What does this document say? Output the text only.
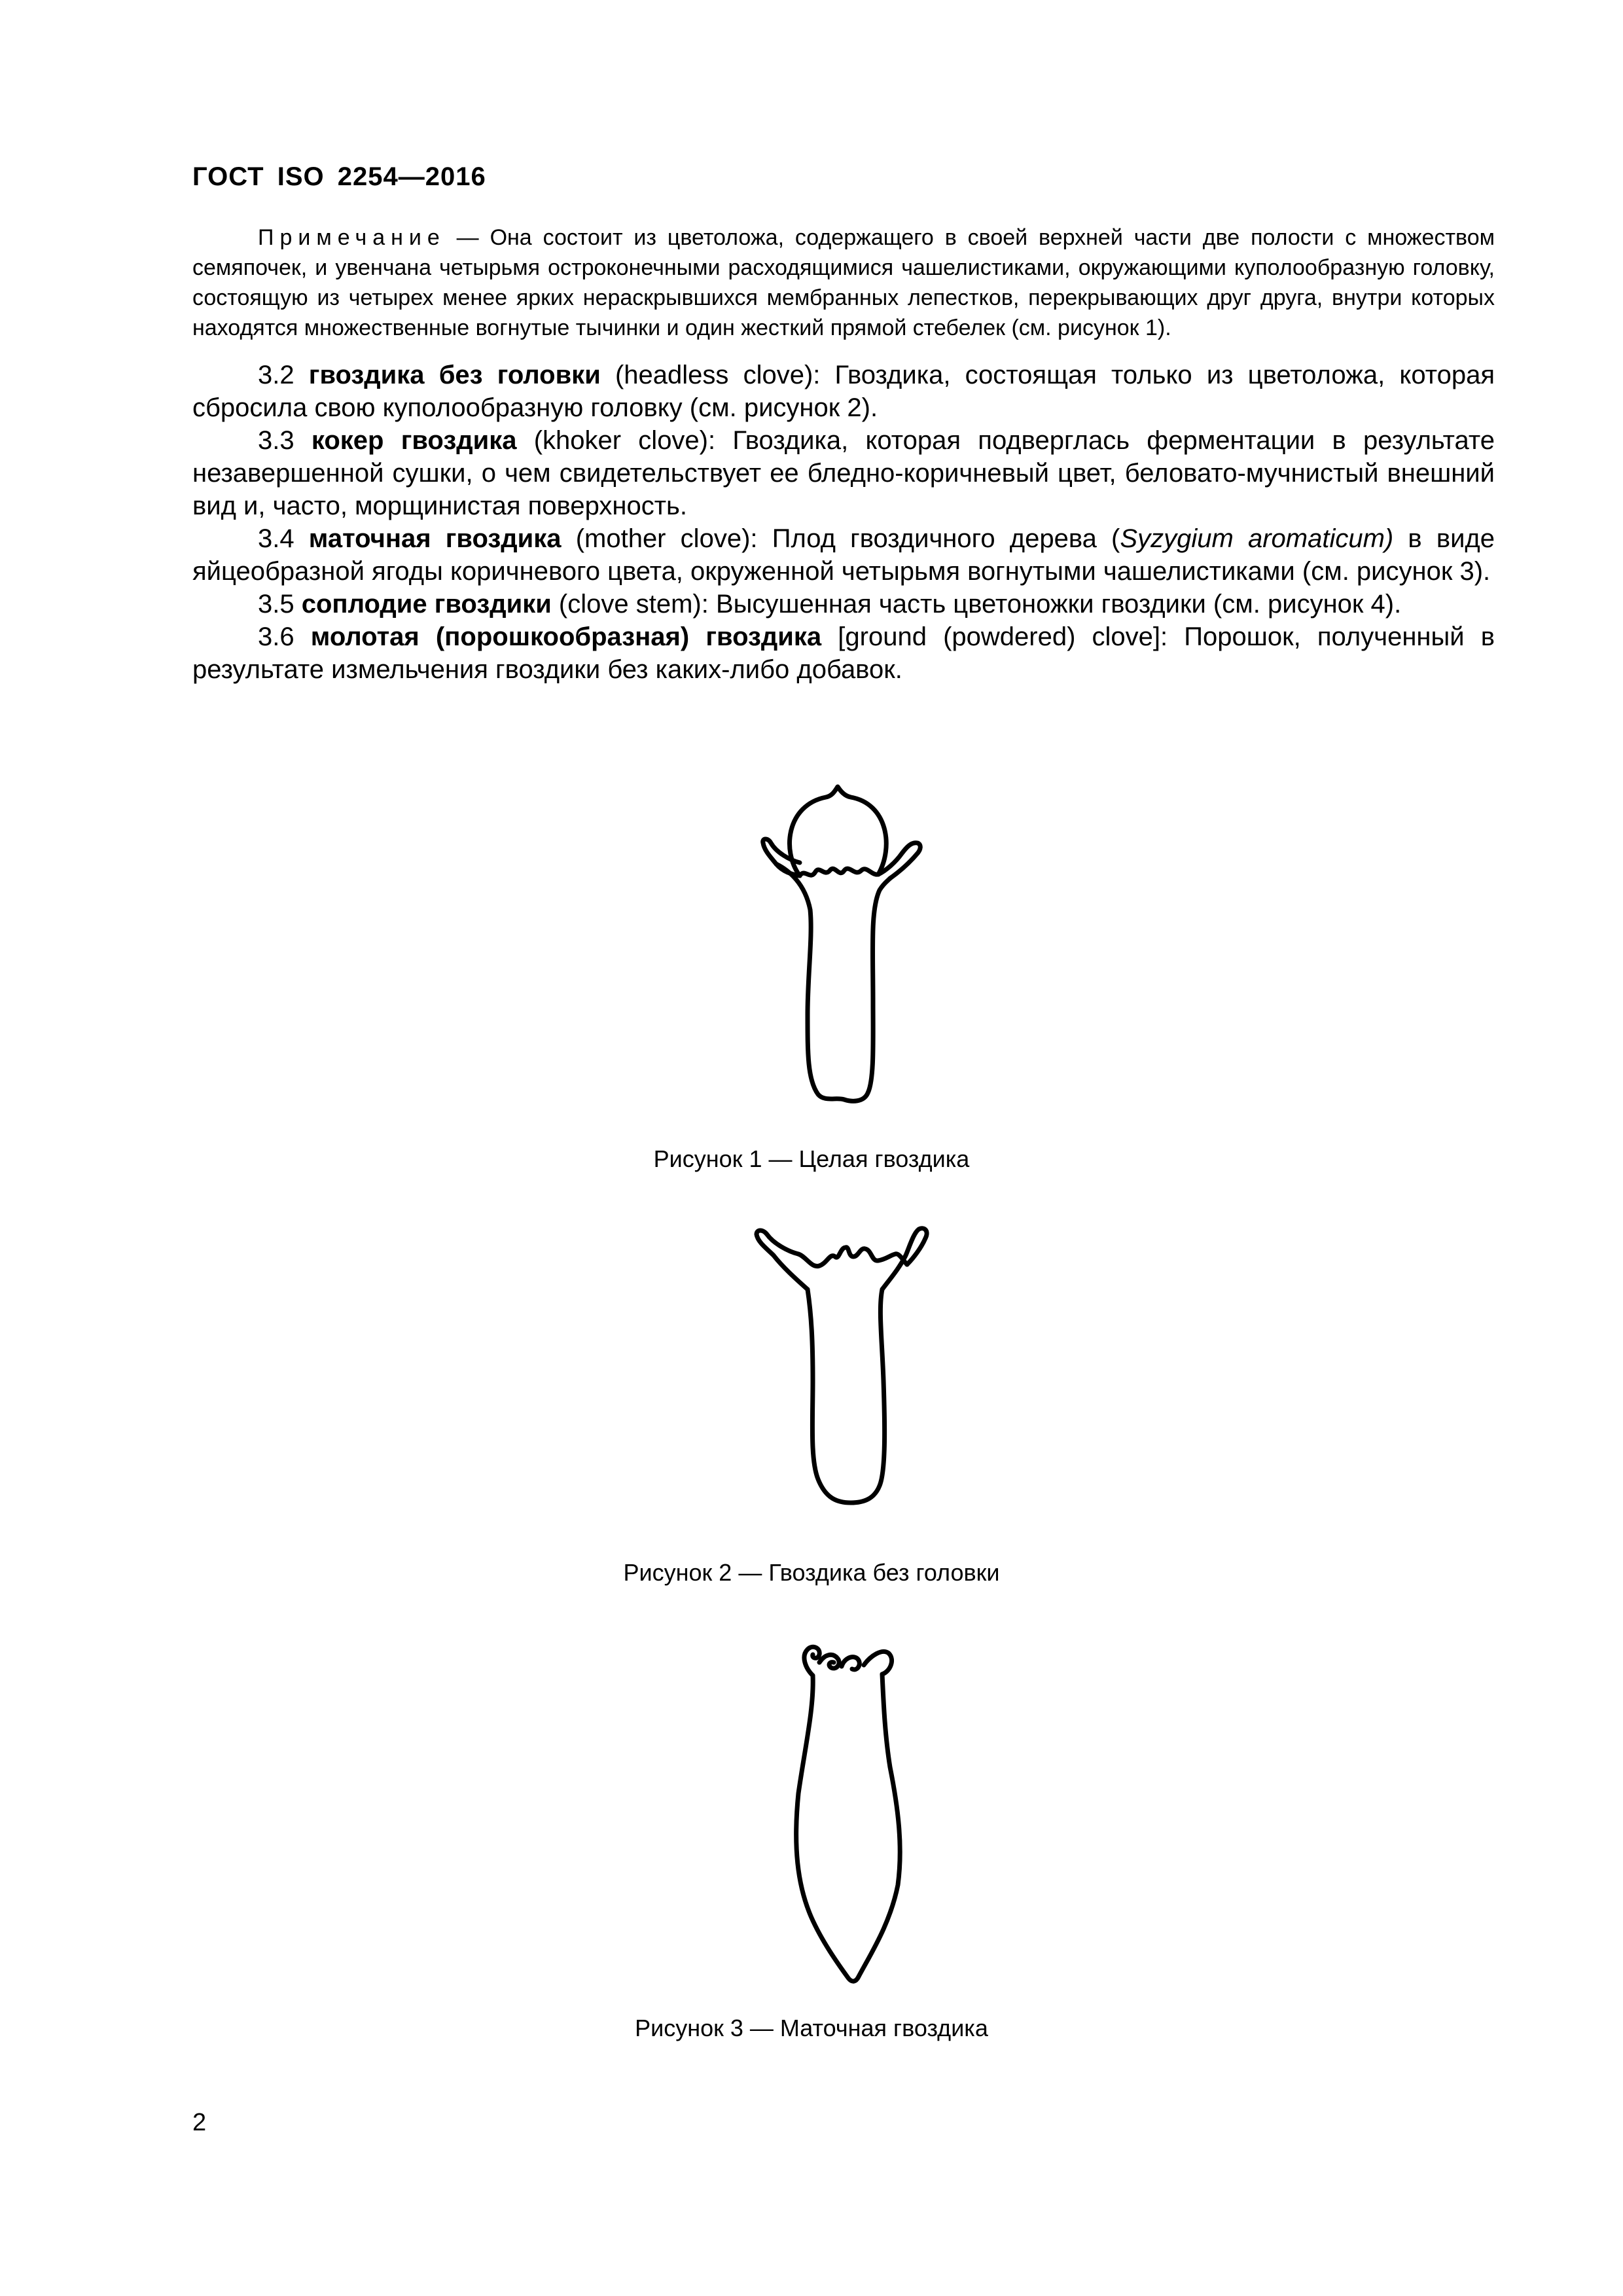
ГОСТ ISO 2254—2016

Примечание — Она состоит из цветоложа, содержащего в своей верхней части две полости с множеством семяпочек, и увенчана четырьмя остроконечными расходящимися чашелистиками, окружающими куполообразную головку, состоящую из четырех менее ярких нераскрывшихся мембранных лепестков, перекрывающих друг друга, внутри которых находятся множественные вогнутые тычинки и один жесткий прямой стебелек (см. рисунок 1).

3.2 гвоздика без головки (headless clove): Гвоздика, состоящая только из цветоложа, которая сбросила свою куполообразную головку (см. рисунок 2).

3.3 кокер гвоздика (khoker clove): Гвоздика, которая подверглась ферментации в результате незавершенной сушки, о чем свидетельствует ее бледно-коричневый цвет, беловато-мучнистый внешний вид и, часто, морщинистая поверхность.

3.4 маточная гвоздика (mother clove): Плод гвоздичного дерева (Syzygium aromaticum) в виде яйцеобразной ягоды коричневого цвета, окруженной четырьмя вогнутыми чашелистиками (см. рисунок 3).

3.5 соплодие гвоздики (clove stem): Высушенная часть цветоножки гвоздики (см. рисунок 4).

3.6 молотая (порошкообразная) гвоздика [ground (powdered) clove]: Порошок, полученный в результате измельчения гвоздики без каких-либо добавок.

Рисунок 1 — Целая гвоздика
Рисунок 2 — Гвоздика без головки
Рисунок 3 — Маточная гвоздика
2
